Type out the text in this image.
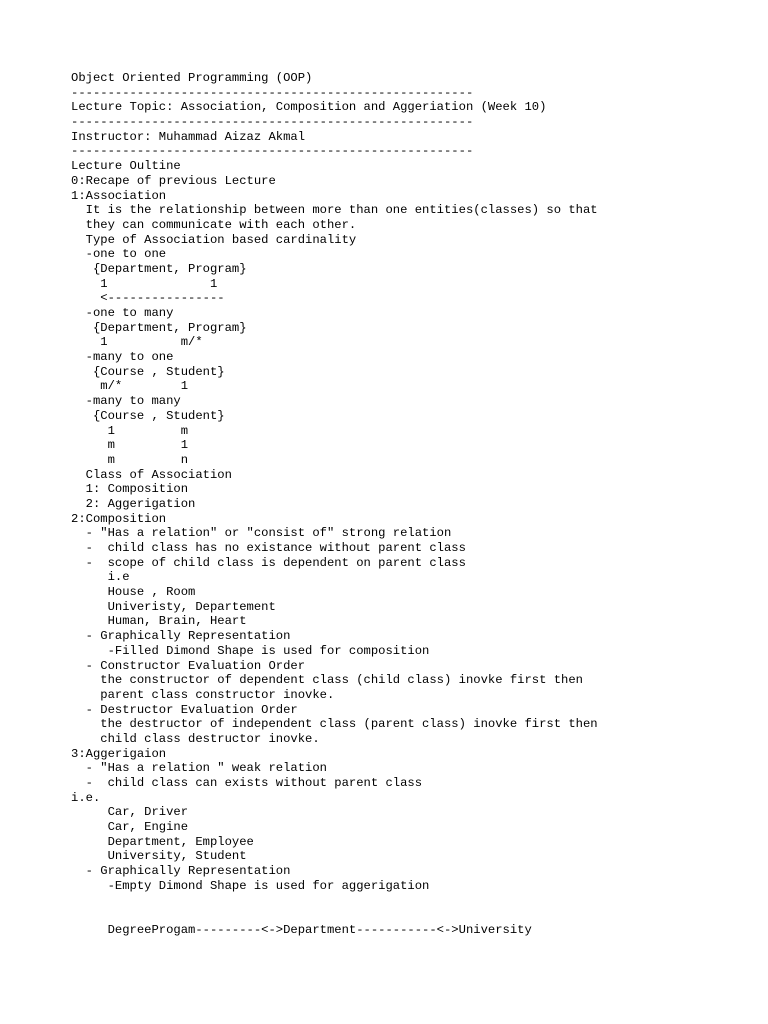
Object Oriented Programming (OOP)
-------------------------------------------------------
Lecture Topic: Association, Composition and Aggeriation (Week 10)
-------------------------------------------------------
Instructor: Muhammad Aizaz Akmal
-------------------------------------------------------
Lecture Oultine
0:Recape of previous Lecture
1:Association
It is the relationship between more than one entities(classes) so that
they can communicate with each other.
Type of Association based cardinality
-one to one
{Department, Program}
1              1
<----------------
-one to many
{Department, Program}
1          m/*
-many to one
{Course , Student}
m/*        1
-many to many
{Course , Student}
1         m
m         1
m         n
Class of Association
1: Composition
2: Aggerigation
2:Composition
- "Has a relation" or "consist of" strong relation
-  child class has no existance without parent class
-  scope of child class is dependent on parent class
i.e
House , Room
Univeristy, Departement
Human, Brain, Heart
- Graphically Representation
-Filled Dimond Shape is used for composition
- Constructor Evaluation Order
the constructor of dependent class (child class) inovke first then
parent class constructor inovke.
- Destructor Evaluation Order
the destructor of independent class (parent class) inovke first then
child class destructor inovke.
3:Aggerigaion
- "Has a relation " weak relation
-  child class can exists without parent class
i.e.
Car, Driver
Car, Engine
Department, Employee
University, Student
- Graphically Representation
-Empty Dimond Shape is used for aggerigation
DegreeProgam---------<->Department-----------<->University
